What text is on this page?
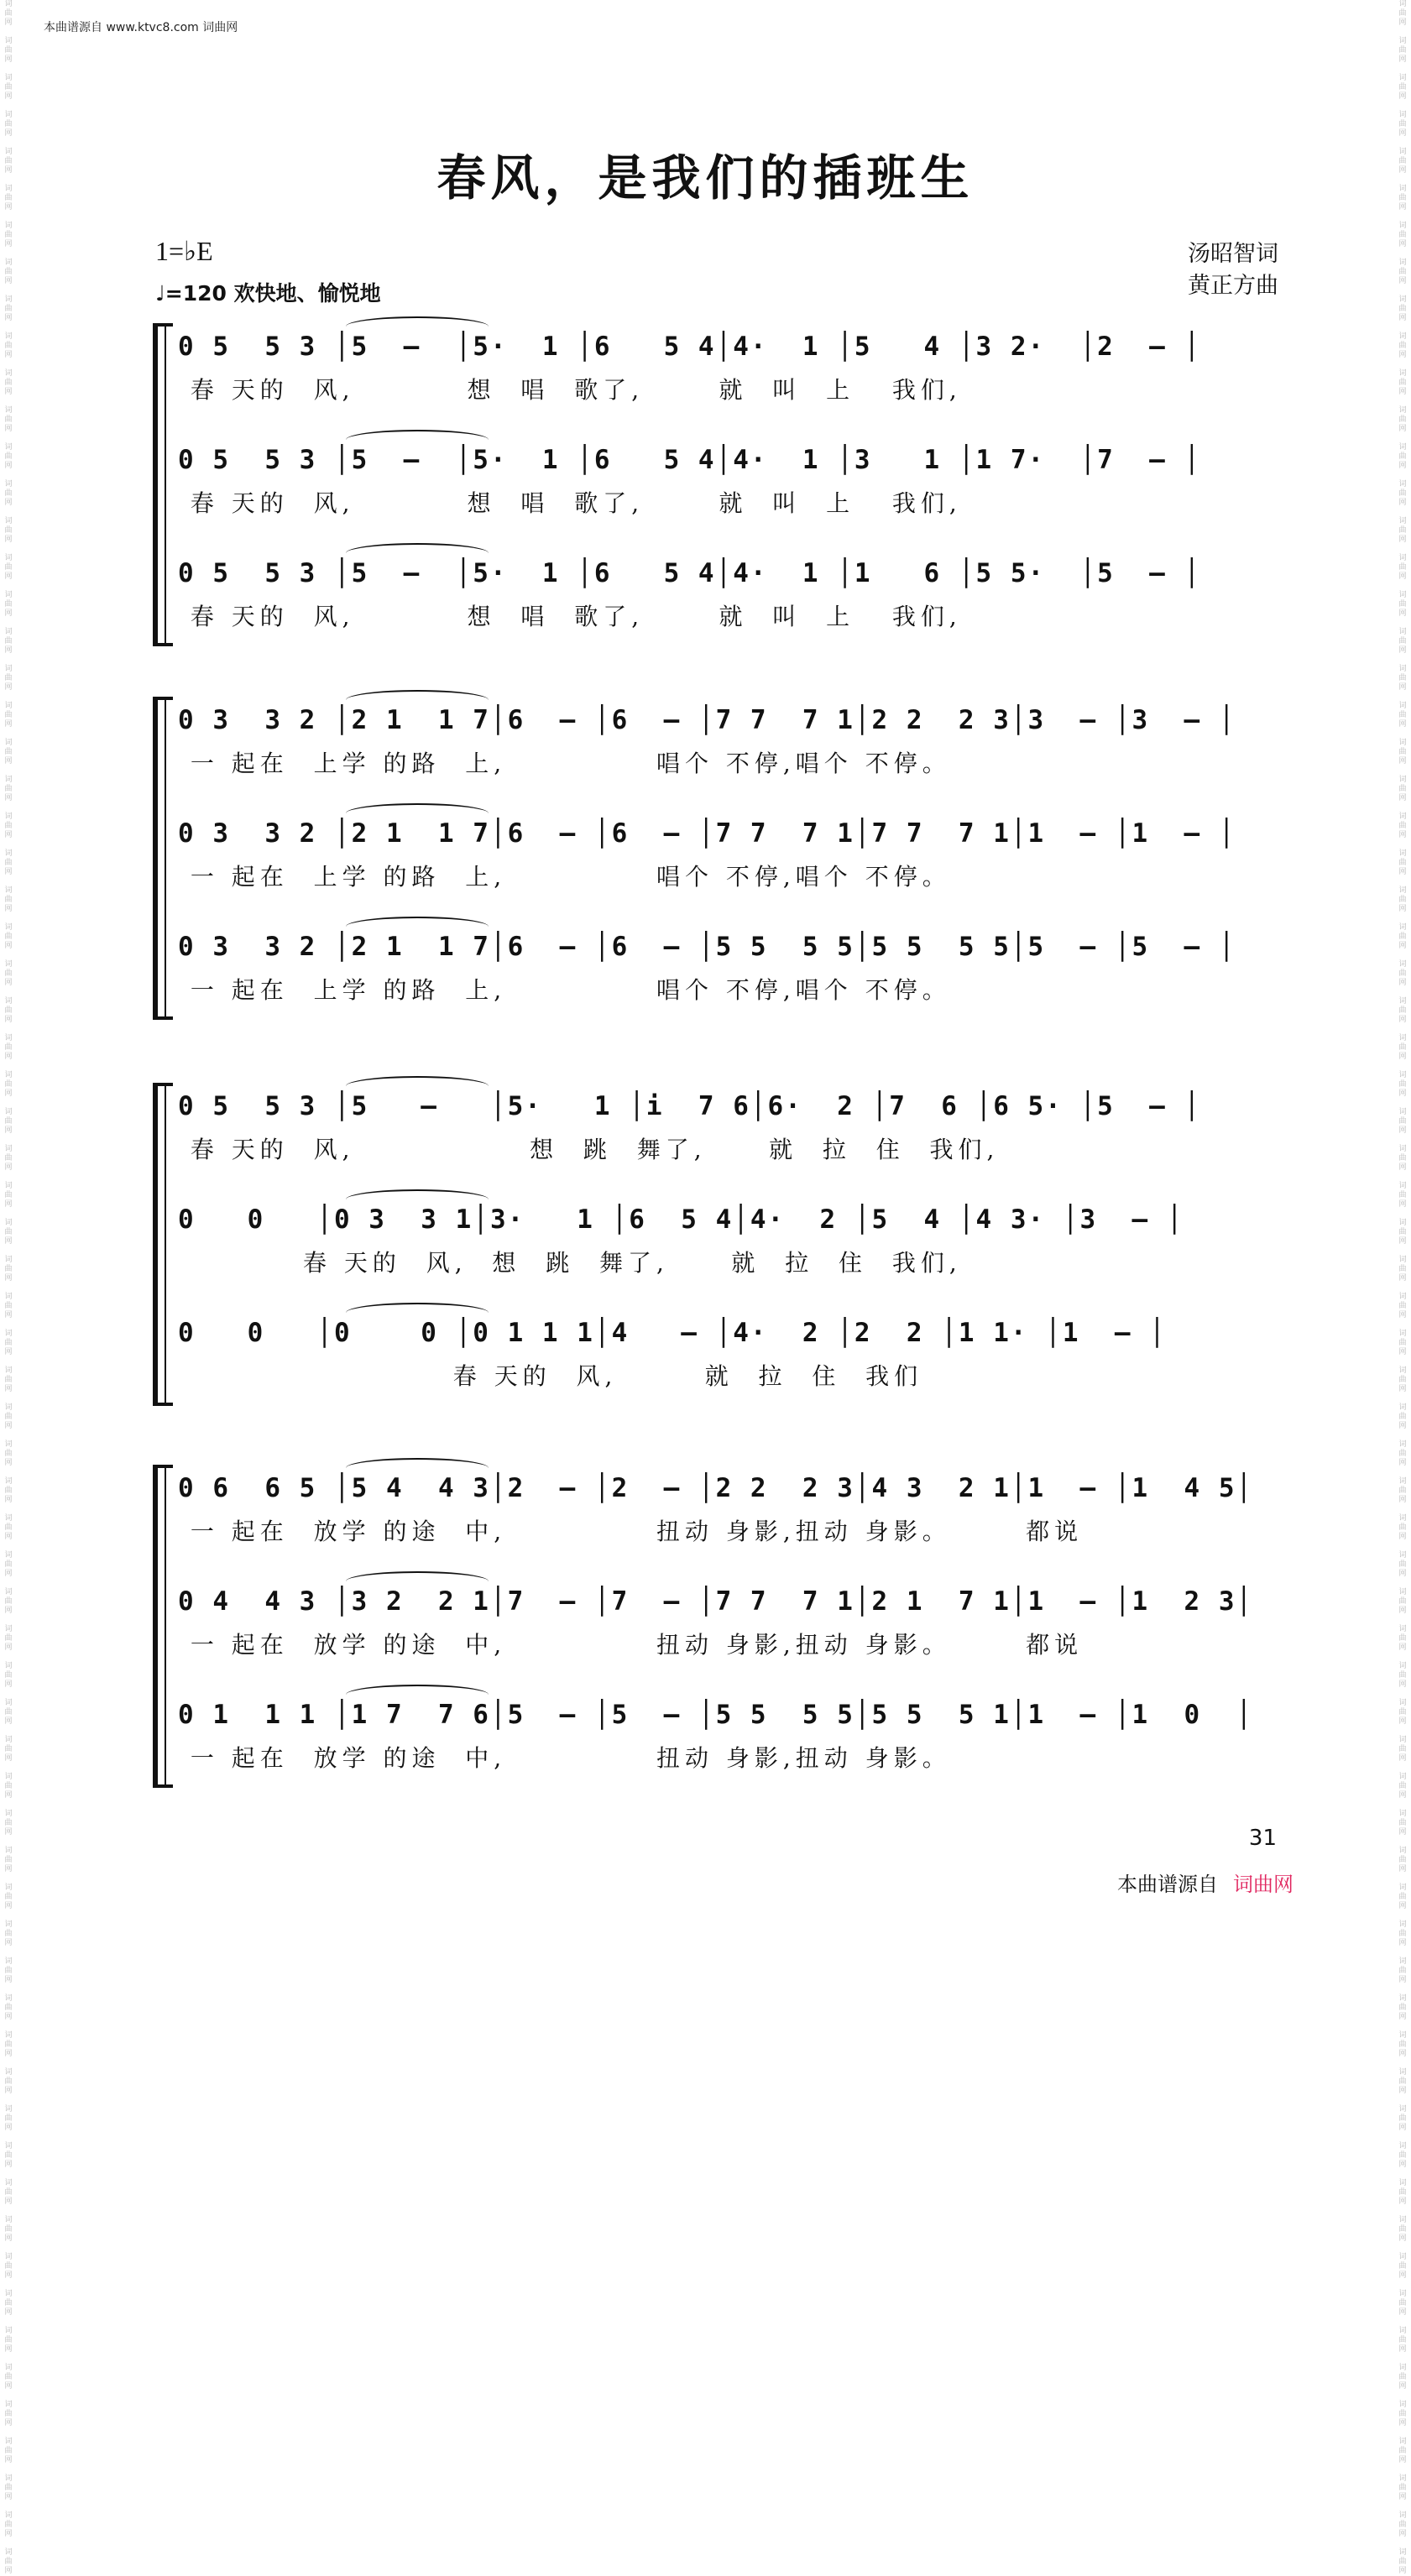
本曲谱源自 www.ktvc8.com 词曲网
词
曲
网

词
曲
网

词
曲
网

词
曲
网

词
曲
网

词
曲
网

词
曲
网

词
曲
网

词
曲
网

词
曲
网

词
曲
网

词
曲
网

词
曲
网

词
曲
网

词
曲
网

词
曲
网

词
曲
网

词
曲
网

词
曲
网

词
曲
网

词
曲
网

词
曲
网

词
曲
网

词
曲
网

词
曲
网

词
曲
网

词
曲
网

词
曲
网

词
曲
网

词
曲
网

词
曲
网

词
曲
网

词
曲
网

词
曲
网

词
曲
网

词
曲
网

词
曲
网

词
曲
网

词
曲
网

词
曲
网

词
曲
网

词
曲
网

词
曲
网

词
曲
网

词
曲
网

词
曲
网

词
曲
网

词
曲
网

词
曲
网

词
曲
网

词
曲
网

词
曲
网

词
曲
网

词
曲
网

词
曲
网

词
曲
网

词
曲
网

词
曲
网

词
曲
网

词
曲
网

词
曲
网

词
曲
网

词
曲
网

词
曲
网

词
曲
网

词
曲
网

词
曲
网

词
曲
网

词
曲
网

词
曲
网

词
曲
网

词
曲
网

词
曲
网

词
曲
网

词
曲
网

词
曲
网

词
曲
网

词
曲
网

词
曲
网

词
曲
网

词
曲
网

词
曲
网

词
曲
网

词
曲
网

词
曲
网

词
曲
网

词
曲
网

词
曲
网

词
曲
网

词
曲
网

词
曲
网

词
曲
网

词
曲
网

词
曲
网

词
曲
网

词
曲
网

词
曲
网

词
曲
网

词
曲
网

词
曲
网

词
曲
网

词
曲
网

词
曲
网

词
曲
网

词
曲
网

词
曲
网

词
曲
网

词
曲
网

词
曲
网

词
曲
网

词
曲
网

词
曲
网

词
曲
网

词
曲
网

词
曲
网

词
曲
网

词
曲
网

词
曲
网

词
曲
网

词
曲
网

词
曲
网

词
曲
网

词
曲
网

词
曲
网

词
曲
网

词
曲
网

词
曲
网

词
曲
网

词
曲
网

词
曲
网

词
曲
网

词
曲
网

词
曲
网

词
曲
网

词
曲
网

词
曲
网

词
曲
网

词
曲
网

词
曲
网

词
曲
网

春风，是我们的插班生
1=♭E
♩=120 欢快地、愉悦地
汤昭智词
黄正方曲
0 5  5 3 │5  –  │5·  1 │6   5 4│4·  1 │5   4 │3 2·  │2  – │
春 天的  风,         想  唱  歌了,      就  叫  上   我们,
0 5  5 3 │5  –  │5·  1 │6   5 4│4·  1 │3   1 │1 7·  │7  – │
春 天的  风,         想  唱  歌了,      就  叫  上   我们,
0 5  5 3 │5  –  │5·  1 │6   5 4│4·  1 │1   6 │5 5·  │5  – │
春 天的  风,         想  唱  歌了,      就  叫  上   我们,
0 3  3 2 │2 1  1 7│6  – │6  – │7 7  7 1│2 2  2 3│3  – │3  – │
一 起在  上学 的路  上,            唱个 不停,唱个 不停。
0 3  3 2 │2 1  1 7│6  – │6  – │7 7  7 1│7 7  7 1│1  – │1  – │
一 起在  上学 的路  上,            唱个 不停,唱个 不停。
0 3  3 2 │2 1  1 7│6  – │6  – │5 5  5 5│5 5  5 5│5  – │5  – │
一 起在  上学 的路  上,            唱个 不停,唱个 不停。
0 5  5 3 │5   –   │5·   1 │i  7 6│6·  2 │7  6 │6 5· │5  – │
春 天的  风,              想  跳  舞了,     就  拉  住  我们,
0   0   │0 3  3 1│3·   1 │6  5 4│4·  2 │5  4 │4 3· │3  – │
春 天的  风,  想  跳  舞了,     就  拉  住  我们,
0   0   │0    0 │0 1 1 1│4   – │4·  2 │2  2 │1 1· │1  – │
春 天的  风,       就  拉  住  我们
0 6  6 5 │5 4  4 3│2  – │2  – │2 2  2 3│4 3  2 1│1  – │1  4 5│
一 起在  放学 的途  中,            扭动 身影,扭动 身影。      都说
0 4  4 3 │3 2  2 1│7  – │7  – │7 7  7 1│2 1  7 1│1  – │1  2 3│
一 起在  放学 的途  中,            扭动 身影,扭动 身影。      都说
0 1  1 1 │1 7  7 6│5  – │5  – │5 5  5 5│5 5  5 1│1  – │1  0  │
一 起在  放学 的途  中,            扭动 身影,扭动 身影。
31
本曲谱源自 词曲网
